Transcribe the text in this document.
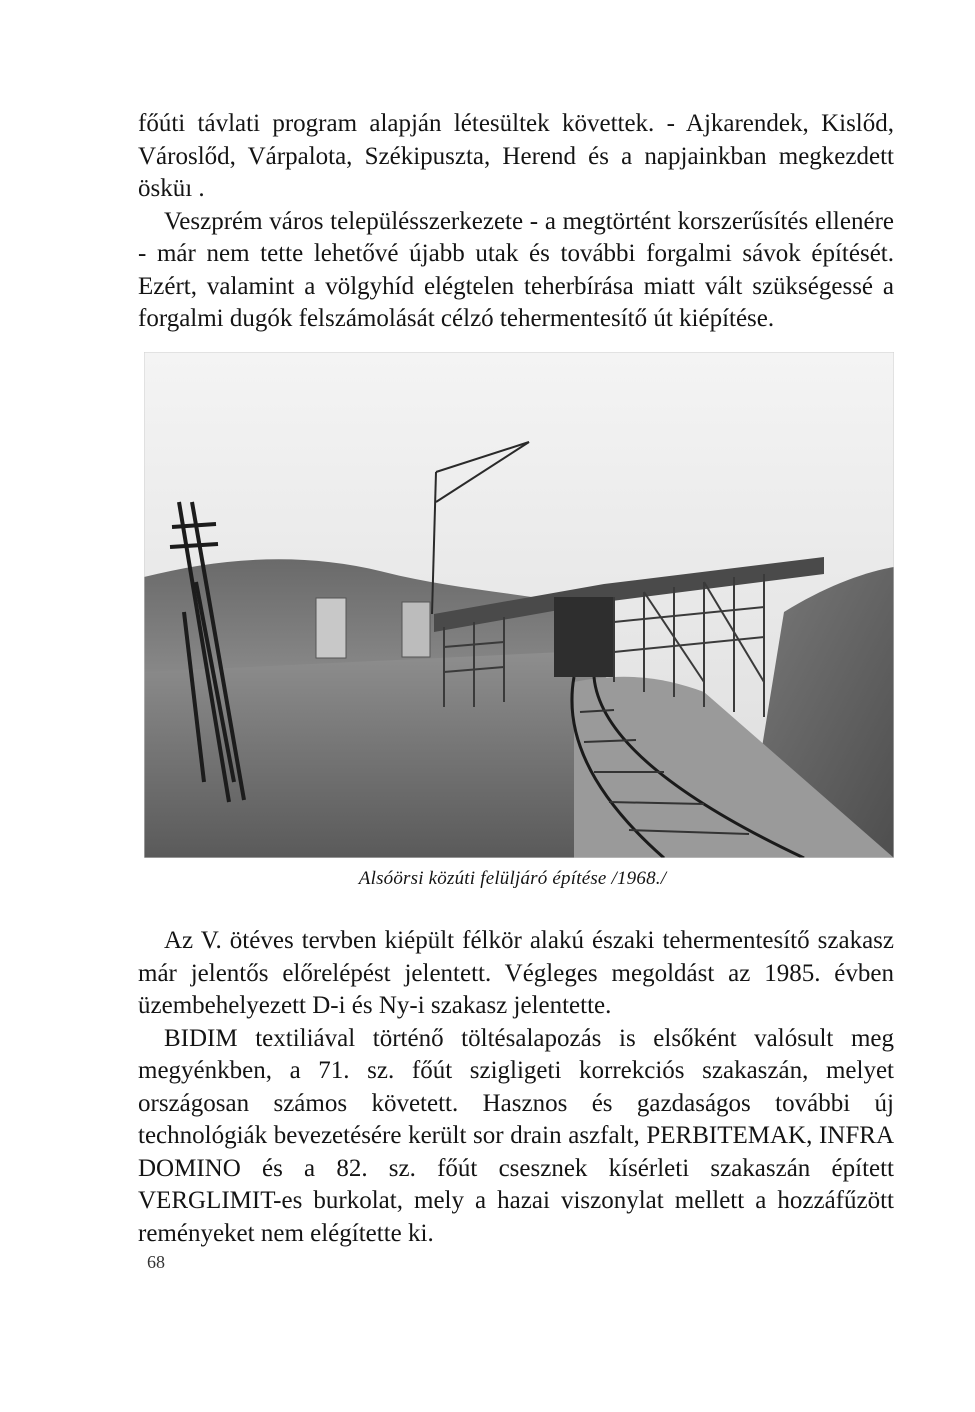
főúti távlati program alapján létesültek követtek. - Ajkarendek, Kislőd, Városlőd, Várpalota, Székipuszta, Herend és a napjainkban megkezdett ösküı .

Veszprém város településszerkezete - a megtörtént korszerűsítés ellenére - már nem tette lehetővé újabb utak és további forgalmi sávok építését. Ezért, valamint a völgyhíd elégtelen teherbírása miatt vált szükségessé a forgalmi dugók felszámolását célzó tehermentesítő út kiépítése.

Alsóörsi közúti felüljáró építése /1968./

Az V. ötéves tervben kiépült félkör alakú északi tehermentesítő szakasz már jelentős előrelépést jelentett. Végleges megoldást az 1985. évben üzembehelyezett D-i és Ny-i szakasz jelentette.

BIDIM textiliával történő töltésalapozás is elsőként valósult meg megyénkben, a 71. sz. főút szigligeti korrekciós szakaszán, melyet országosan számos követett. Hasznos és gazdaságos további új technológiák bevezetésére került sor drain aszfalt, PERBITEMAK, INFRA DOMINO és a 82. sz. főút csesznek kísérleti szakaszán épített VERGLIMIT-es burkolat, mely a hazai viszonylat mellett a hozzáfűzött reményeket nem elégítette ki.

68
